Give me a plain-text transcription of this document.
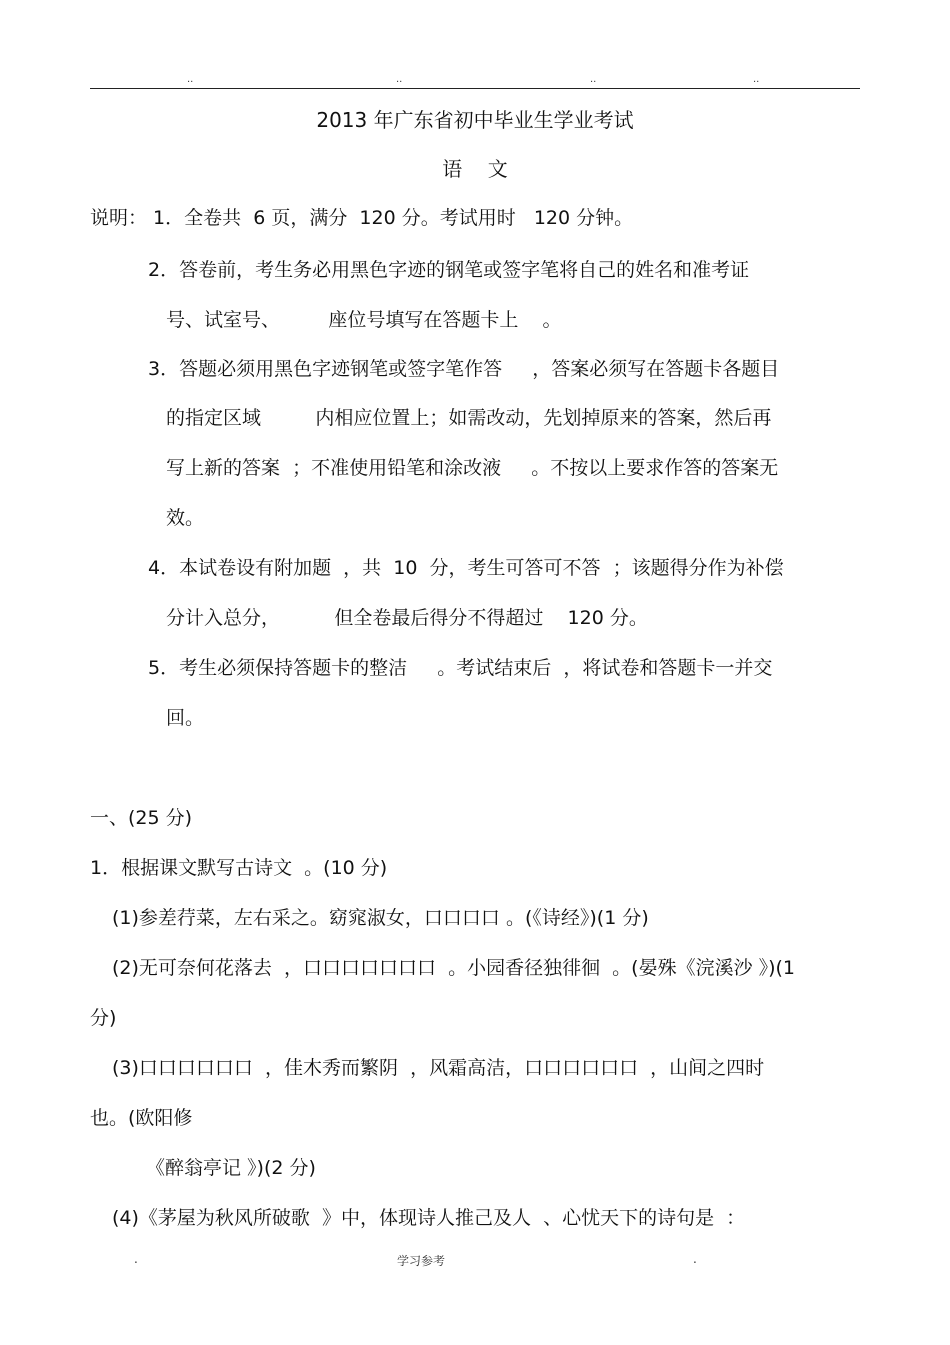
..	..	..	..
2013 年广东省初中毕业生学业考试
语    文
说明： 1．全卷共  6 页，满分  120 分。考试用时   120 分钟。
2．答卷前，考生务必用黑色字迹的钢笔或签字笔将自己的姓名和准考证
号、试室号、        座位号填写在答题卡上    。
3．答题必须用黑色字迹钢笔或签字笔作答     ，答案必须写在答题卡各题目
的指定区域         内相应位置上；如需改动，先划掉原来的答案，然后再
写上新的答案  ；不准使用铅笔和涂改液     。不按以上要求作答的答案无
效。
4．本试卷设有附加题  ，共  10  分，考生可答可不答  ；该题得分作为补偿
分计入总分，         但全卷最后得分不得超过    120 分。
5．考生必须保持答题卡的整洁     。考试结束后  ，将试卷和答题卡一并交
回。
一、(25 分)
1．根据课文默写古诗文  。(10 分)
(1)参差荇菜，左右采之。窈窕淑女，口口口口 。(《诗经》)(1 分)
(2)无可奈何花落去  ，口口口口口口口  。小园香径独徘徊  。(晏殊《浣溪沙 》)(1
分)
(3)口口口口口口  ，佳木秀而繁阴  ，风霜高洁，口口口口口口  ，山间之四时
也。(欧阳修
《醉翁亭记 》)(2 分)
(4)《茅屋为秋风所破歌  》中，体现诗人推己及人  、心忧天下的诗句是  ：
.	学习参考	.
